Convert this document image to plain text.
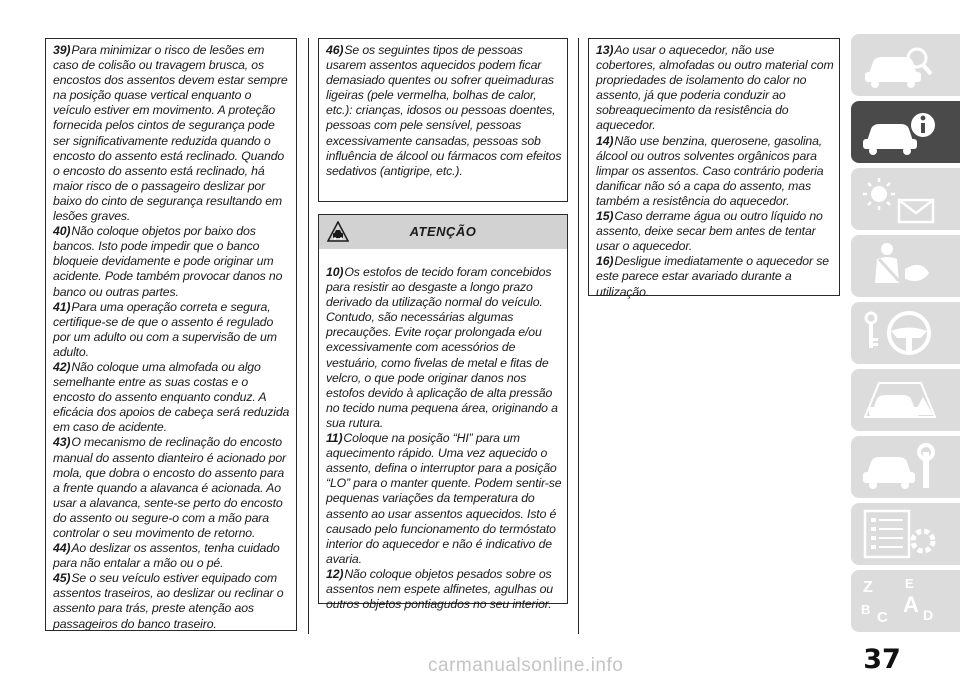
39)Para minimizar o risco de lesões em caso de colisão ou travagem brusca, os encostos dos assentos devem estar sempre na posição quase vertical enquanto o veículo estiver em movimento. A proteção fornecida pelos cintos de segurança pode ser significativamente reduzida quando o encosto do assento está reclinado. Quando o encosto do assento está reclinado, há maior risco de o passageiro deslizar por baixo do cinto de segurança resultando em lesões graves.

40)Não coloque objetos por baixo dos bancos. Isto pode impedir que o banco bloqueie devidamente e pode originar um acidente. Pode também provocar danos no banco ou outras partes.

41)Para uma operação correta e segura, certifique-se de que o assento é regulado por um adulto ou com a supervisão de um adulto.

42)Não coloque uma almofada ou algo semelhante entre as suas costas e o encosto do assento enquanto conduz. A eficácia dos apoios de cabeça será reduzida em caso de acidente.

43)O mecanismo de reclinação do encosto manual do assento dianteiro é acionado por mola, que dobra o encosto do assento para a frente quando a alavanca é acionada. Ao usar a alavanca, sente-se perto do encosto do assento ou segure-o com a mão para controlar o seu movimento de retorno.

44)Ao deslizar os assentos, tenha cuidado para não entalar a mão ou o pé.

45)Se o seu veículo estiver equipado com assentos traseiros, ao deslizar ou reclinar o assento para trás, preste atenção aos passageiros do banco traseiro.

46)Se os seguintes tipos de pessoas usarem assentos aquecidos podem ficar demasiado quentes ou sofrer queimaduras ligeiras (pele vermelha, bolhas de calor, etc.): crianças, idosos ou pessoas doentes, pessoas com pele sensível, pessoas excessivamente cansadas, pessoas sob influência de álcool ou fármacos com efeitos sedativos (antigripe, etc.).

ATENÇÃO

10)Os estofos de tecido foram concebidos para resistir ao desgaste a longo prazo derivado da utilização normal do veículo. Contudo, são necessárias algumas precauções. Evite roçar prolongada e/ou excessivamente com acessórios de vestuário, como fivelas de metal e fitas de velcro, o que pode originar danos nos estofos devido à aplicação de alta pressão no tecido numa pequena área, originando a sua rutura.

11)Coloque na posição “HI” para um aquecimento rápido. Uma vez aquecido o assento, defina o interruptor para a posição “LO” para o manter quente. Podem sentir-se pequenas variações da temperatura do assento ao usar assentos aquecidos. Isto é causado pelo funcionamento do termóstato interior do aquecedor e não é indicativo de avaria.

12)Não coloque objetos pesados sobre os assentos nem espete alfinetes, agulhas ou outros objetos pontiagudos no seu interior.

13)Ao usar o aquecedor, não use cobertores, almofadas ou outro material com propriedades de isolamento do calor no assento, já que poderia conduzir ao sobreaquecimento da resistência do aquecedor.

14)Não use benzina, querosene, gasolina, álcool ou outros solventes orgânicos para limpar os assentos. Caso contrário poderia danificar não só a capa do assento, mas também a resistência do aquecedor.

15)Caso derrame água ou outro líquido no assento, deixe secar bem antes de tentar usar o aquecedor.

16)Desligue imediatamente o aquecedor se este parece estar avariado durante a utilização.

Z E
B C
A D
37
carmanualsonline.info
